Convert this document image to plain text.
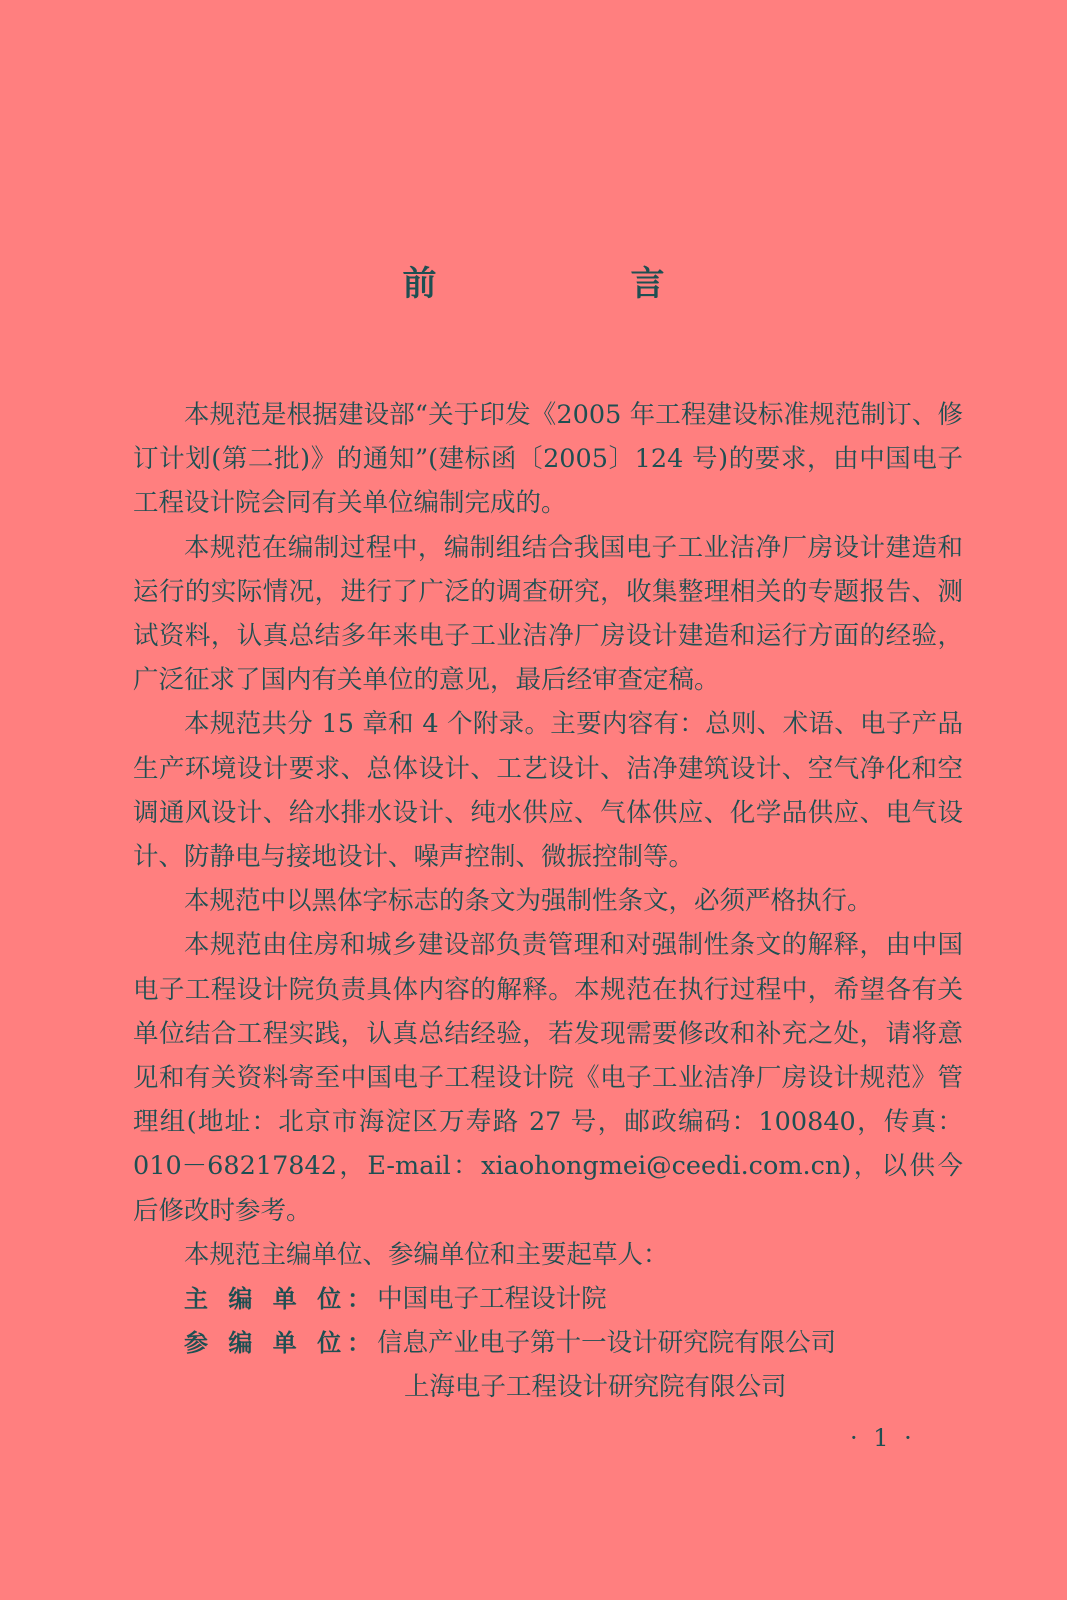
前　言

本规范是根据建设部“关于印发《2005 年工程建设标准规范制订、修订计划(第二批)》的通知”(建标函〔2005〕124 号)的要求，由中国电子工程设计院会同有关单位编制完成的。

本规范在编制过程中，编制组结合我国电子工业洁净厂房设计建造和运行的实际情况，进行了广泛的调查研究，收集整理相关的专题报告、测试资料，认真总结多年来电子工业洁净厂房设计建造和运行方面的经验，广泛征求了国内有关单位的意见，最后经审查定稿。

本规范共分 15 章和 4 个附录。主要内容有：总则、术语、电子产品生产环境设计要求、总体设计、工艺设计、洁净建筑设计、空气净化和空调通风设计、给水排水设计、纯水供应、气体供应、化学品供应、电气设计、防静电与接地设计、噪声控制、微振控制等。

本规范中以黑体字标志的条文为强制性条文，必须严格执行。

本规范由住房和城乡建设部负责管理和对强制性条文的解释，由中国电子工程设计院负责具体内容的解释。本规范在执行过程中，希望各有关单位结合工程实践，认真总结经验，若发现需要修改和补充之处，请将意见和有关资料寄至中国电子工程设计院《电子工业洁净厂房设计规范》管理组(地址：北京市海淀区万寿路 27 号，邮政编码：100840，传真：010－68217842，E-mail：xiaohongmei@ceedi.com.cn)，以供今后修改时参考。

本规范主编单位、参编单位和主要起草人：

主 编 单 位：中国电子工程设计院

参 编 单 位：信息产业电子第十一设计研究院有限公司

上海电子工程设计研究院有限公司

· 1 ·
